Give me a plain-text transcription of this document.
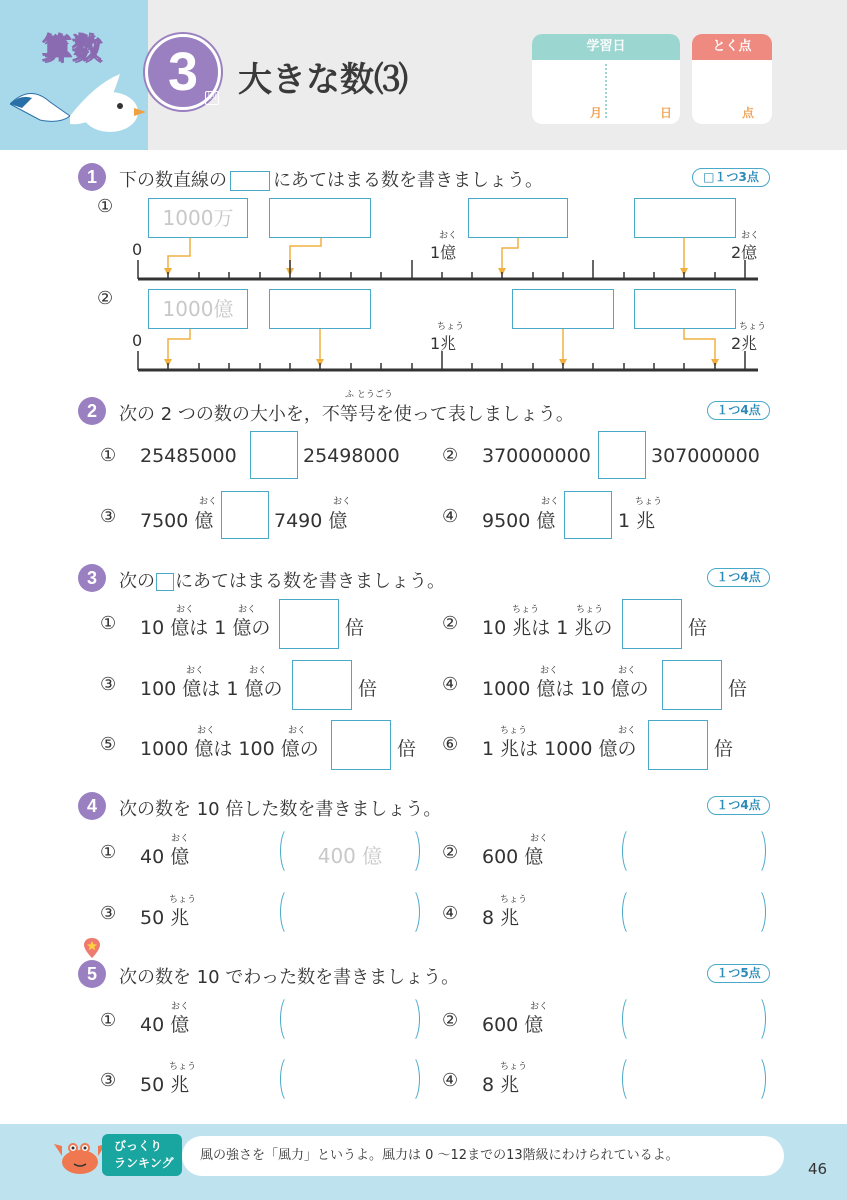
算数	3	回 大きな数⑶
学習日
月	日
とく点
点
1	下の数直線の	にあてはまる数を書きましょう。	□１つ3点
①	1000万
0
おく
1億
おく
2億
②	1000億
0
ちょう
1兆
ちょう
2兆
2	次の 2 つの数の大小を，不等号を使って表しましょう。
ふ とうごう
１つ4点
① 25485000	25498000 ② 370000000	307000000
③
おく
7500 億
おく
7490 億	④
おく
9500 億
ちょう
1 兆
3	次の にあてはまる数を書きましょう。	１つ4点
①
おく	おく
10 億は 1 億の	倍	②
ちょう	ちょう
10 兆は 1 兆の	倍
③
おく	おく
100 億は 1 億の	倍	④
おく	おく
1000 億は 10 億の	倍
⑤
おく	おく
1000 億は 100 億の	倍 ⑥
ちょう	おく
1 兆は 1000 億の	倍
4	次の数を 10 倍した数を書きましょう。	１つ4点
①
おく
40 億	400 億	②
おく
600 億
③
ちょう
50 兆	④
ちょう
8 兆
5	次の数を 10 でわった数を書きましょう。	１つ5点
①
おく
40 億	②
おく
600 億
③
ちょう
50 兆	④
ちょう
8 兆
びっくり
ランキング	風の強さを「風力」というよ。風力は 0 ～12までの13階級にわけられているよ。
46
